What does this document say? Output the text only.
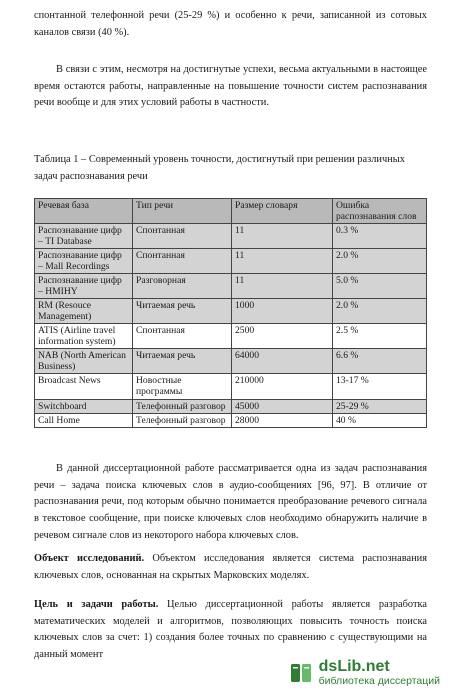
спонтанной телефонной речи (25-29 %) и особенно к речи, записанной из сотовых каналов связи (40 %).

В связи с этим, несмотря на достигнутые успехи, весьма актуальными в настоящее время остаются работы, направленные на повышение точности систем распознавания речи вообще и для этих условий работы в частности.

Таблица 1 – Современный уровень точности, достигнутый при решении различных задач распознавания речи

Речевая база	Тип речи	Размер словаря	Ошибка распознавания слов
Распознавание цифр – TI Database	Спонтанная	11	0.3 %
Распознавание цифр – Mall Recordings	Спонтанная	11	2.0 %
Распознавание цифр – HMIHY	Разговорная	11	5.0 %
RM (Resouce Management)	Читаемая речь	1000	2.0 %
ATIS (Airline travel information system)	Спонтанная	2500	2.5 %
NAB (North American Business)	Читаемая речь	64000	6.6 %
Broadcast News	Новостные программы	210000	13-17 %
Switchboard	Телефонный разговор	45000	25-29 %
Call Home	Телефонный разговор	28000	40 %

В данной диссертационной работе рассматривается одна из задач распознавания речи – задача поиска ключевых слов в аудио-сообщениях [96, 97]. В отличие от распознавания речи, под которым обычно понимается преобразование речевого сигнала в текстовое сообщение, при поиске ключевых слов необходимо обнаружить наличие в речевом сигнале слов из некоторого набора ключевых слов.

Объект исследований. Объектом исследования является система распознавания ключевых слов, основанная на скрытых Марковских моделях.

Цель и задачи работы. Целью диссертационной работы является разработка математических моделей и алгоритмов, позволяющих повысить точность поиска ключевых слов за счет: 1) создания более точных по сравнению с существующими на данный момент

dsLib.net
библиотека диссертаций
